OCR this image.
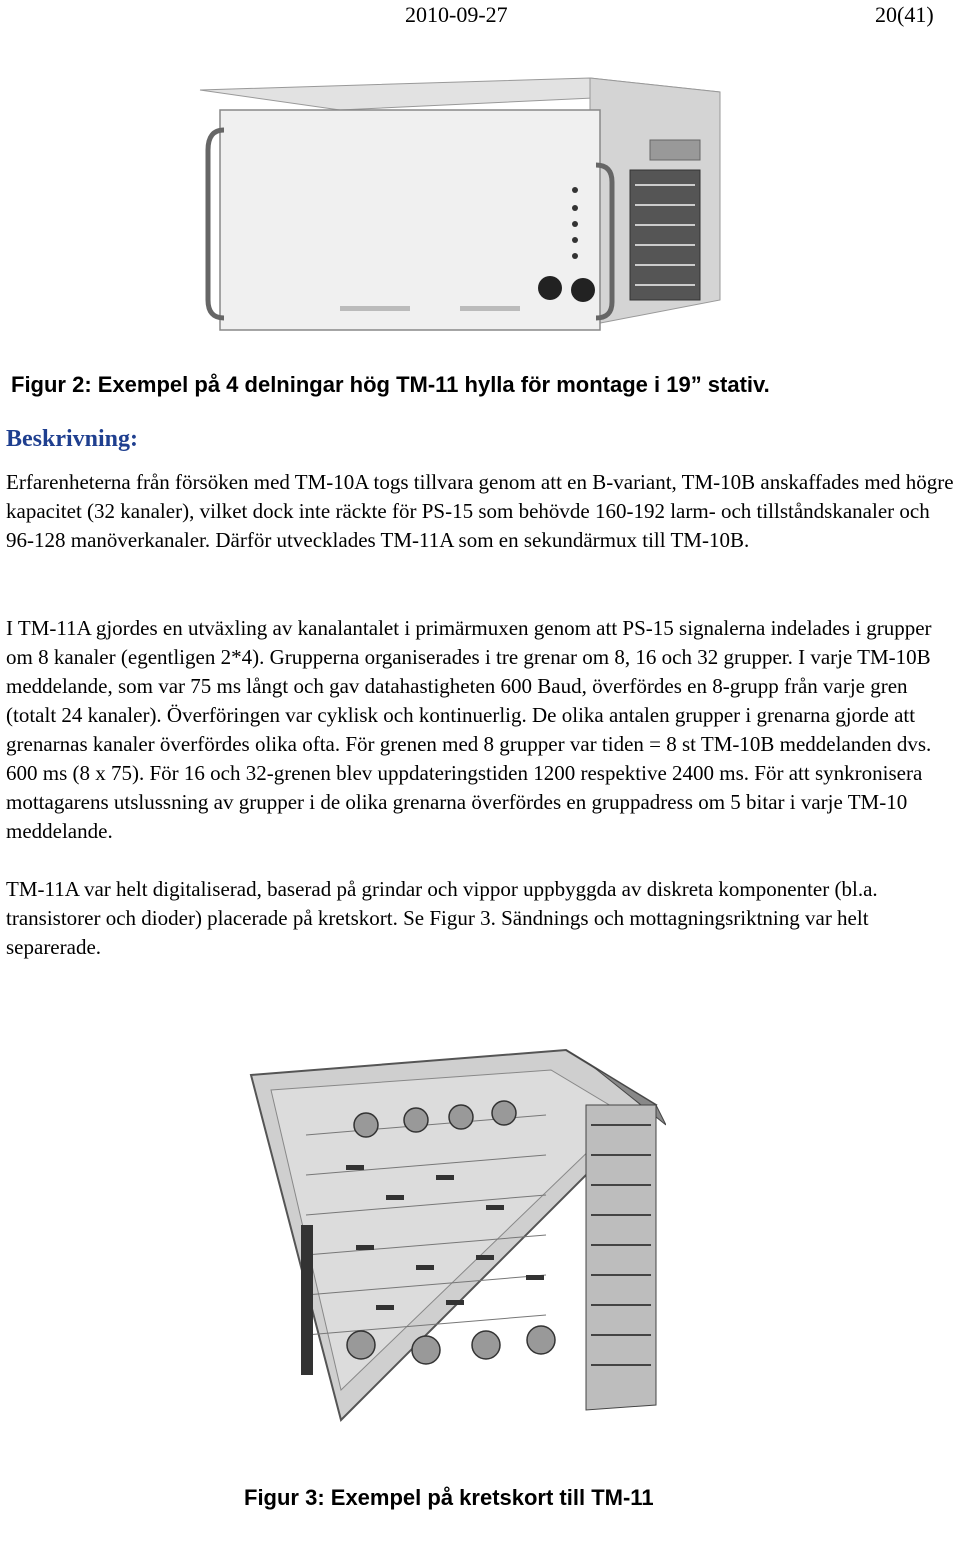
2010-09-27	20(41)
Figur 2: Exempel på 4 delningar hög TM-11 hylla för montage i 19” stativ.
Beskrivning:

Erfarenheterna från försöken med TM-10A togs tillvara genom att en B-variant, TM-10B anskaffades med högre kapacitet (32 kanaler), vilket dock inte räckte för PS-15 som behövde 160-192 larm- och tillståndskanaler och 96-128 manöverkanaler. Därför utvecklades TM-11A som en sekundärmux till TM-10B.

I TM-11A gjordes en utväxling av kanalantalet i primärmuxen genom att PS-15 signalerna indelades i grupper om 8 kanaler (egentligen 2*4). Grupperna organiserades i tre grenar om 8, 16 och 32 grupper. I varje TM-10B meddelande, som var 75 ms långt och gav datahastigheten 600 Baud, överfördes en 8-grupp från varje gren (totalt 24 kanaler). Överföringen var cyklisk och kontinuerlig. De olika antalen grupper i grenarna gjorde att grenarnas kanaler överfördes olika ofta. För grenen med 8 grupper var tiden = 8 st TM-10B meddelanden dvs. 600 ms (8 x 75). För 16 och 32-grenen blev uppdateringstiden 1200 respektive 2400 ms. För att synkronisera mottagarens utslussning av grupper i de olika grenarna överfördes en gruppadress om 5 bitar i varje TM-10 meddelande.

TM-11A var helt digitaliserad, baserad på grindar och vippor uppbyggda av diskreta komponenter (bl.a. transistorer och dioder) placerade på kretskort. Se Figur 3. Sändnings och mottagningsriktning var helt separerade.

Figur 3: Exempel på kretskort till TM-11
